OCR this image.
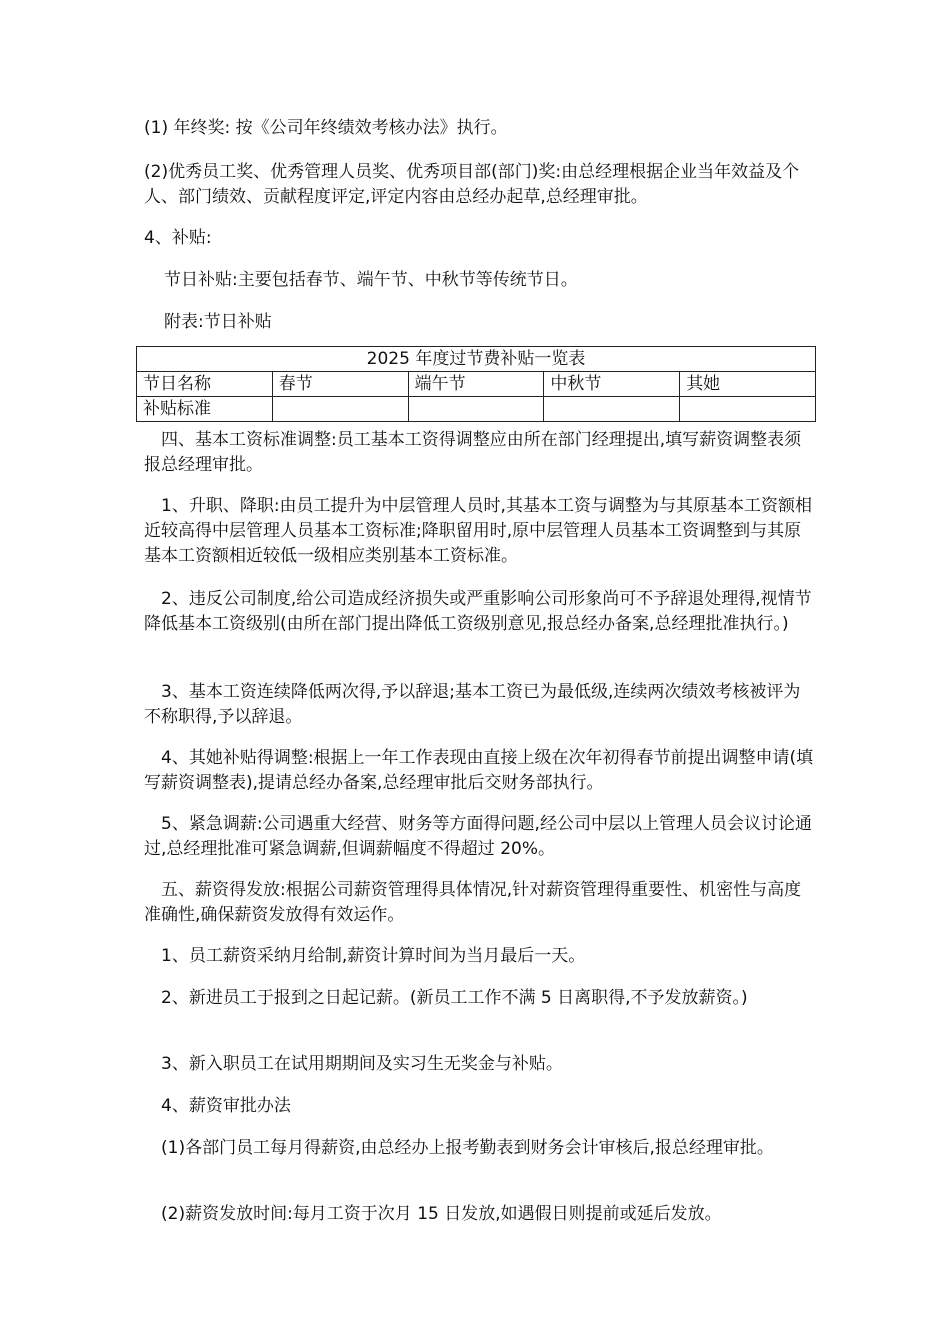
(1) 年终奖: 按《公司年终绩效考核办法》执行。

(2)优秀员工奖、优秀管理人员奖、优秀项目部(部门)奖:由总经理根据企业当年效益及个人、部门绩效、贡献程度评定,评定内容由总经办起草,总经理审批。

4、补贴:

节日补贴:主要包括春节、端午节、中秋节等传统节日。

附表:节日补贴

2025 年度过节费补贴一览表				
节日名称	春节	端午节	中秋节	其她
补贴标准				

　四、基本工资标准调整:员工基本工资得调整应由所在部门经理提出,填写薪资调整表须报总经理审批。

　1、升职、降职:由员工提升为中层管理人员时,其基本工资与调整为与其原基本工资额相近较高得中层管理人员基本工资标准;降职留用时,原中层管理人员基本工资调整到与其原基本工资额相近较低一级相应类别基本工资标准。

　2、违反公司制度,给公司造成经济损失或严重影响公司形象尚可不予辞退处理得,视情节降低基本工资级别(由所在部门提出降低工资级别意见,报总经办备案,总经理批准执行。)

　3、基本工资连续降低两次得,予以辞退;基本工资已为最低级,连续两次绩效考核被评为不称职得,予以辞退。

　4、其她补贴得调整:根据上一年工作表现由直接上级在次年初得春节前提出调整申请(填写薪资调整表),提请总经办备案,总经理审批后交财务部执行。

　5、紧急调薪:公司遇重大经营、财务等方面得问题,经公司中层以上管理人员会议讨论通过,总经理批准可紧急调薪,但调薪幅度不得超过 20%。

　五、薪资得发放:根据公司薪资管理得具体情况,针对薪资管理得重要性、机密性与高度准确性,确保薪资发放得有效运作。

　1、员工薪资采纳月给制,薪资计算时间为当月最后一天。

　2、新进员工于报到之日起记薪。(新员工工作不满 5 日离职得,不予发放薪资。)

　3、新入职员工在试用期期间及实习生无奖金与补贴。

　4、薪资审批办法

　(1)各部门员工每月得薪资,由总经办上报考勤表到财务会计审核后,报总经理审批。

　(2)薪资发放时间:每月工资于次月 15 日发放,如遇假日则提前或延后发放。
